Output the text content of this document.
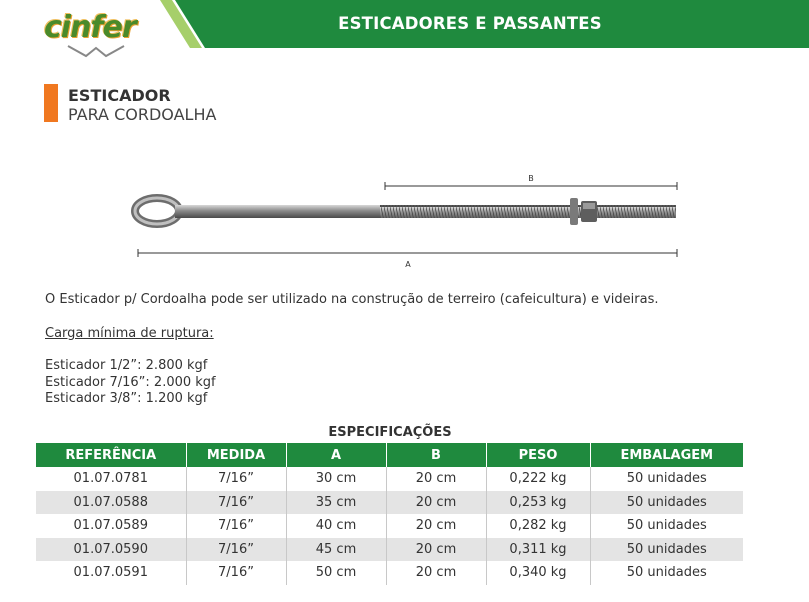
cinfer	ESTICADORES E PASSANTES
ESTICADOR
PARA CORDOALHA
B
A
O Esticador p/ Cordoalha pode ser utilizado na construção de terreiro (cafeicultura) e videiras.
Carga mínima de ruptura:
Esticador 1/2”: 2.800 kgf
Esticador 7/16”: 2.000 kgf
Esticador 3/8”: 1.200 kgf
ESPECIFICAÇÕES
REFERÊNCIA	MEDIDA	A	B	PESO	EMBALAGEM
01.07.0781	7/16”	30 cm	20 cm	0,222 kg	50 unidades
01.07.0588	7/16”	35 cm	20 cm	0,253 kg	50 unidades
01.07.0589	7/16”	40 cm	20 cm	0,282 kg	50 unidades
01.07.0590	7/16”	45 cm	20 cm	0,311 kg	50 unidades
01.07.0591	7/16”	50 cm	20 cm	0,340 kg	50 unidades
